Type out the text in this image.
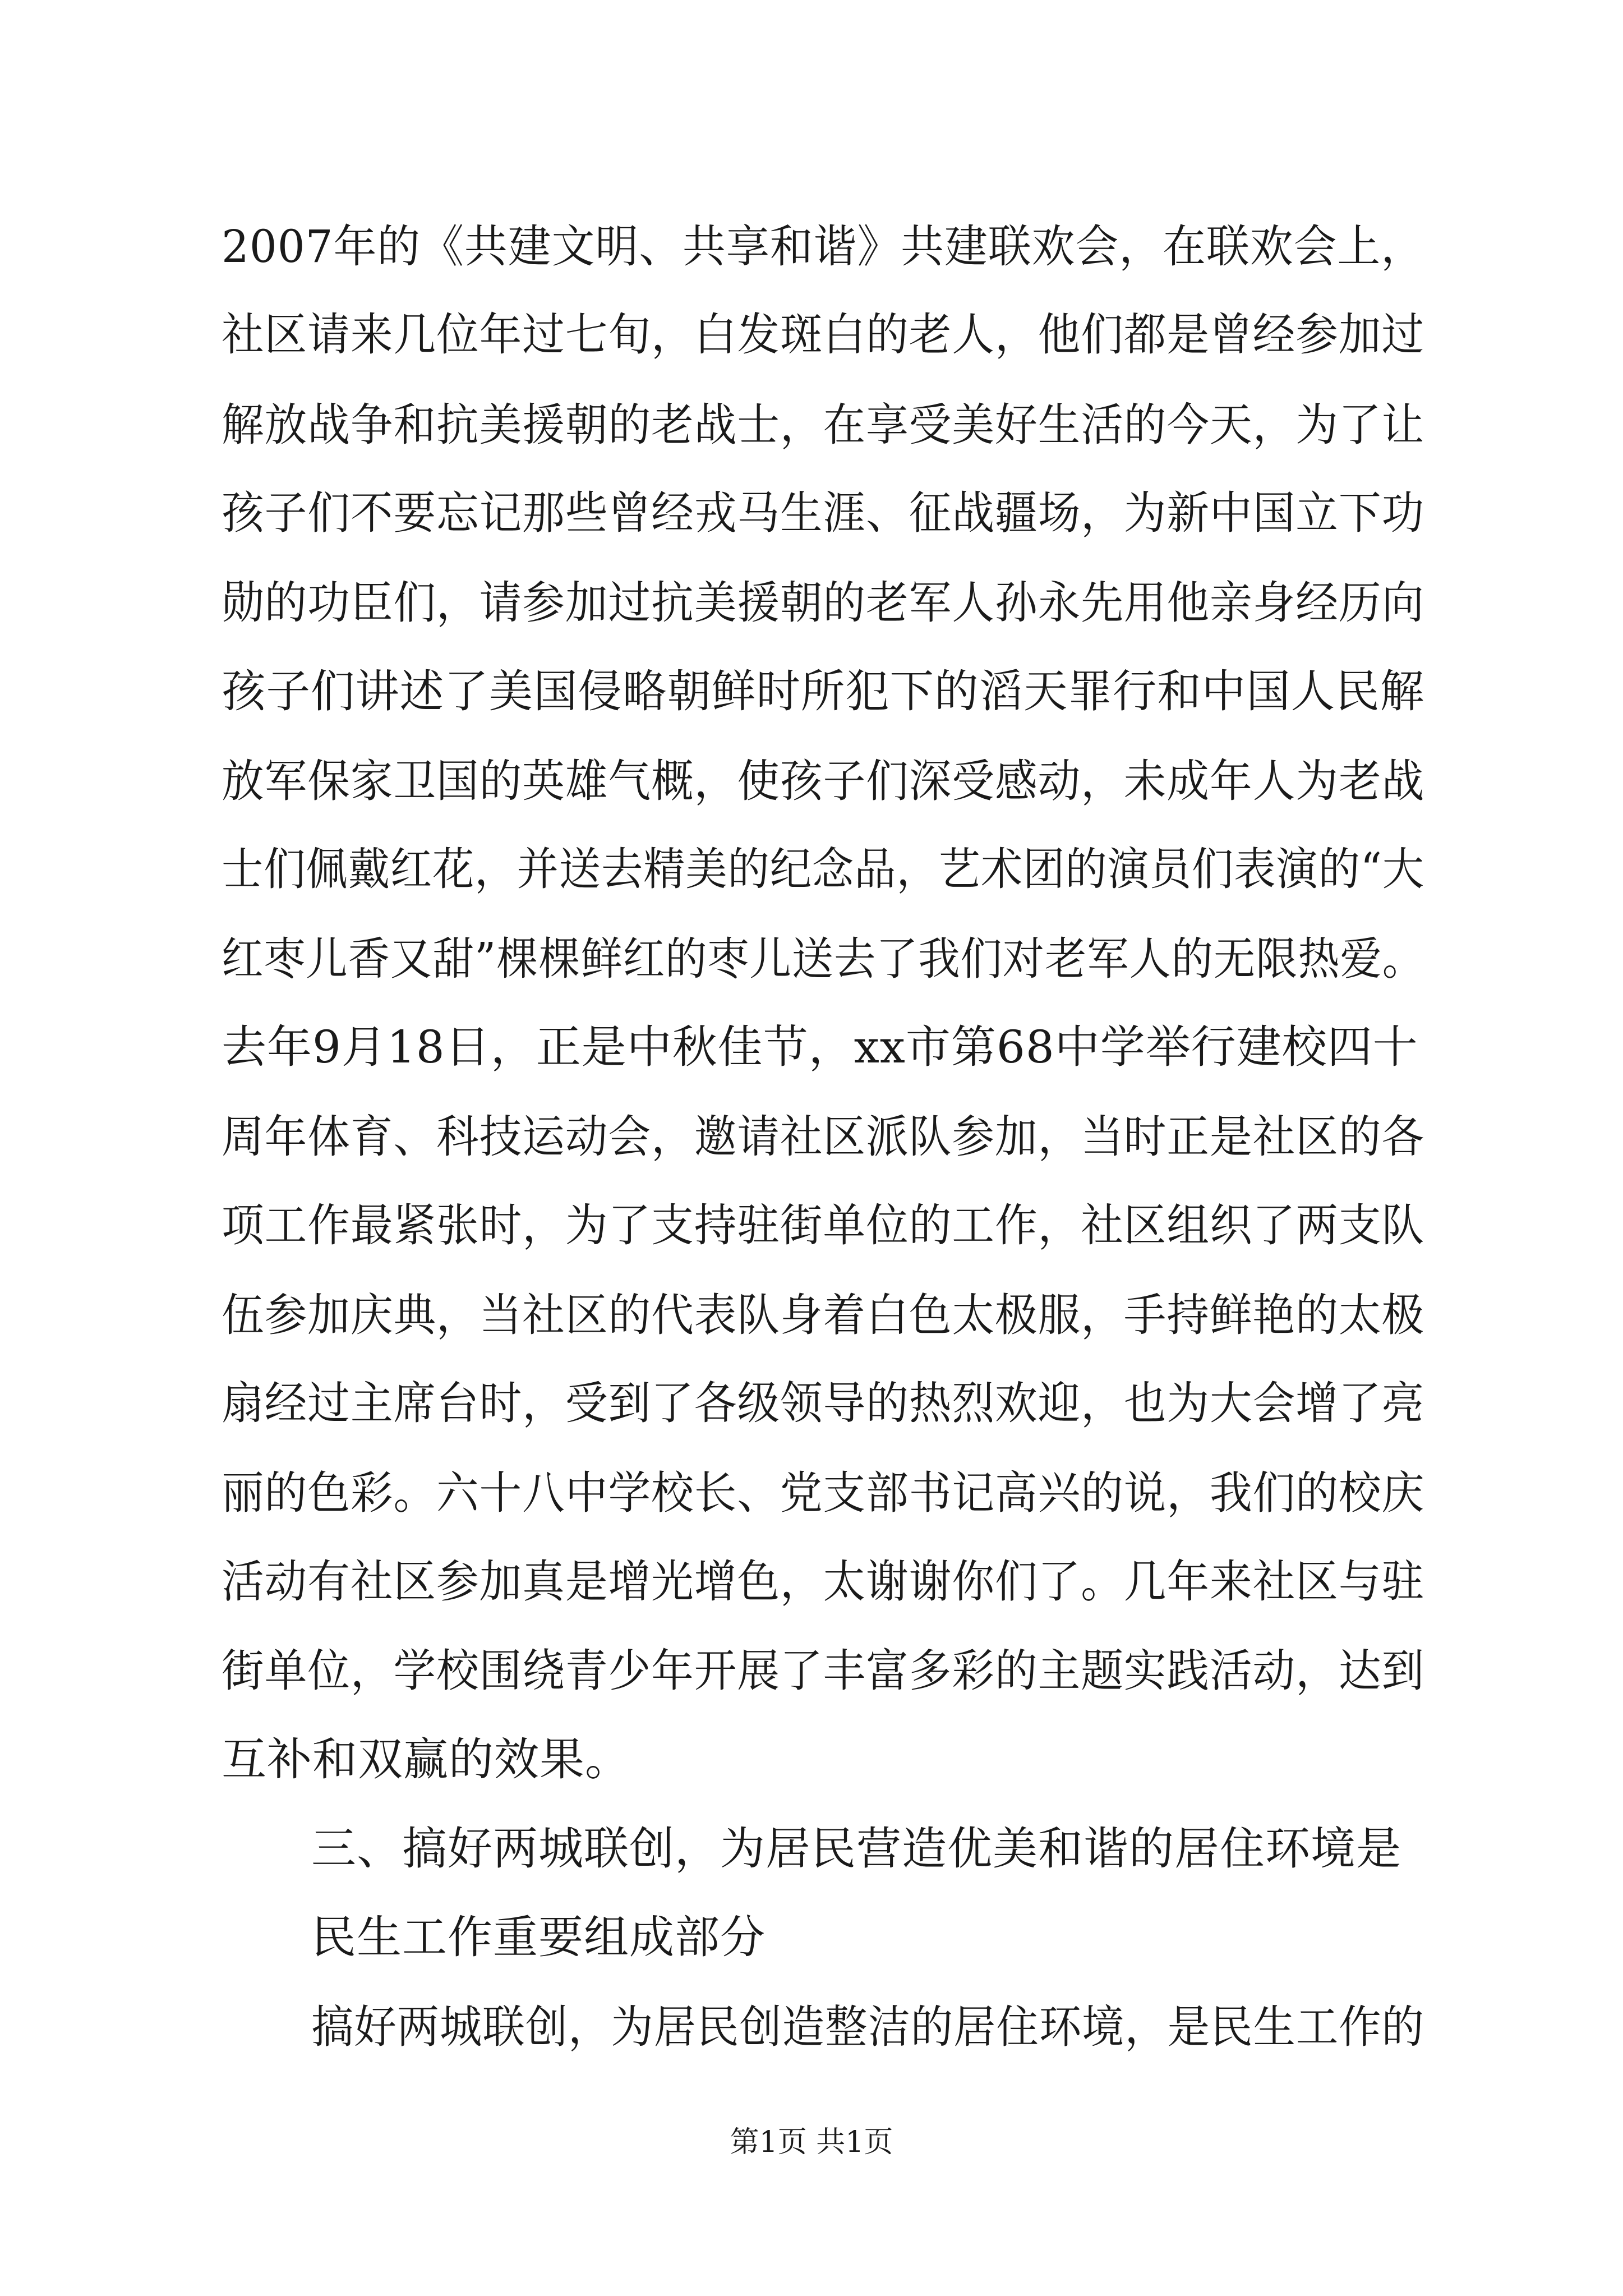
2007年的《共建文明、共享和谐》共建联欢会，在联欢会上，
社区请来几位年过七旬，白发斑白的老人，他们都是曾经参加过
解放战争和抗美援朝的老战士，在享受美好生活的今天，为了让
孩子们不要忘记那些曾经戎马生涯、征战疆场，为新中国立下功
勋的功臣们，请参加过抗美援朝的老军人孙永先用他亲身经历向
孩子们讲述了美国侵略朝鲜时所犯下的滔天罪行和中国人民解
放军保家卫国的英雄气概，使孩子们深受感动，未成年人为老战
士们佩戴红花，并送去精美的纪念品，艺术团的演员们表演的“大
红枣儿香又甜”棵棵鲜红的枣儿送去了我们对老军人的无限热爱。
去年9月18日，正是中秋佳节，xx市第68中学举行建校四十
周年体育、科技运动会，邀请社区派队参加，当时正是社区的各
项工作最紧张时，为了支持驻街单位的工作，社区组织了两支队
伍参加庆典，当社区的代表队身着白色太极服，手持鲜艳的太极
扇经过主席台时，受到了各级领导的热烈欢迎，也为大会增了亮
丽的色彩。六十八中学校长、党支部书记高兴的说，我们的校庆
活动有社区参加真是增光增色，太谢谢你们了。几年来社区与驻
街单位，学校围绕青少年开展了丰富多彩的主题实践活动，达到
互补和双赢的效果。
三、搞好两城联创，为居民营造优美和谐的居住环境是
民生工作重要组成部分
搞好两城联创，为居民创造整洁的居住环境，是民生工作的
第1页 共1页
